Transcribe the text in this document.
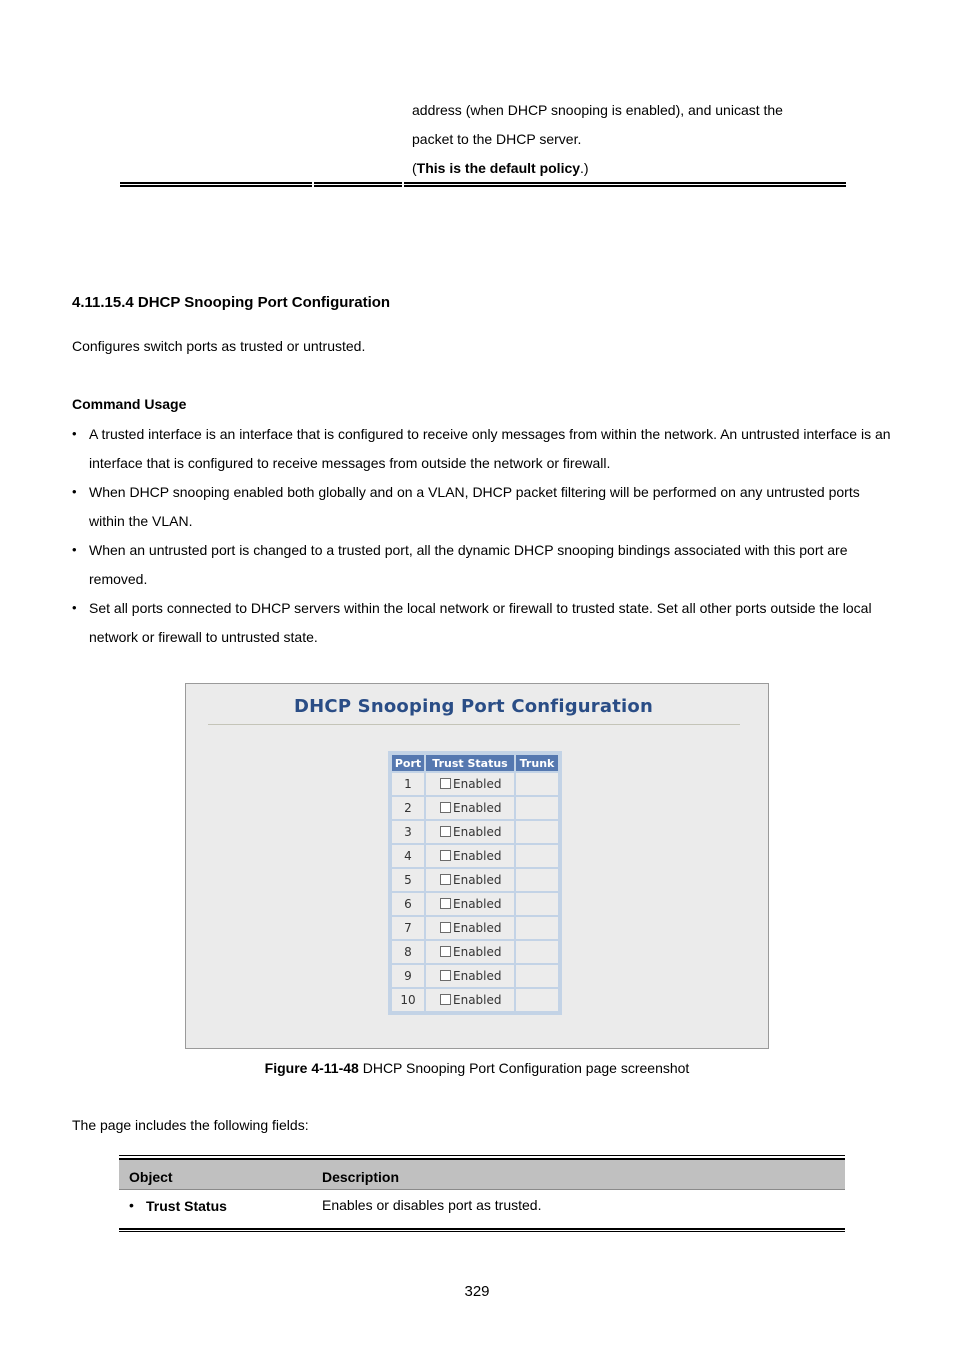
address (when DHCP snooping is enabled), and unicast the
packet to the DHCP server.
(This is the default policy.)
4.11.15.4 DHCP Snooping Port Configuration
Configures switch ports as trusted or untrusted.
Command Usage
• A trusted interface is an interface that is configured to receive only messages from within the network. An untrusted interface is an interface that is configured to receive messages from outside the network or firewall.
• When DHCP snooping enabled both globally and on a VLAN, DHCP packet filtering will be performed on any untrusted ports within the VLAN.
• When an untrusted port is changed to a trusted port, all the dynamic DHCP snooping bindings associated with this port are removed.
• Set all ports connected to DHCP servers within the local network or firewall to trusted state. Set all other ports outside the local network or firewall to untrusted state.
DHCP Snooping Port Configuration
Port	Trust Status	Trunk
1	Enabled	
2	Enabled	
3	Enabled	
4	Enabled	
5	Enabled	
6	Enabled	
7	Enabled	
8	Enabled	
9	Enabled	
10	Enabled	
Figure 4-11-48 DHCP Snooping Port Configuration page screenshot
The page includes the following fields:
Object	Description
• Trust Status	Enables or disables port as trusted.
329
